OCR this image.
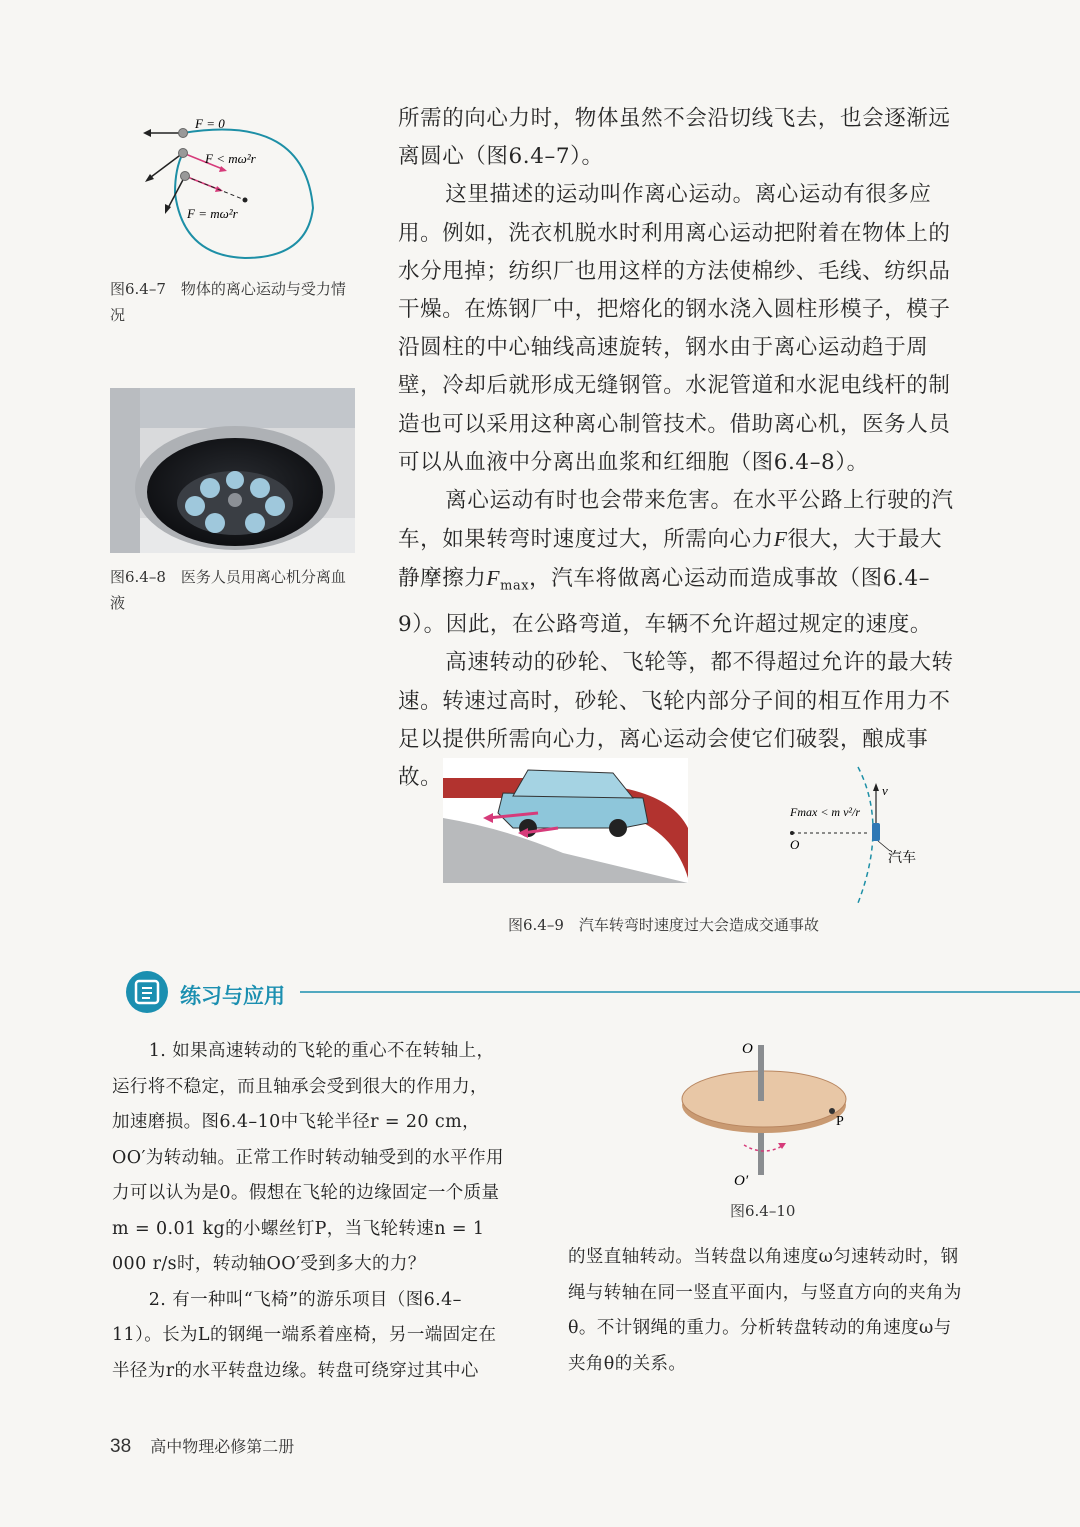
所需的向心力时，物体虽然不会沿切线飞去，也会逐渐远离圆心（图6.4–7）。

这里描述的运动叫作离心运动。离心运动有很多应用。例如，洗衣机脱水时利用离心运动把附着在物体上的水分甩掉；纺织厂也用这样的方法使棉纱、毛线、纺织品干燥。在炼钢厂中，把熔化的钢水浇入圆柱形模子，模子沿圆柱的中心轴线高速旋转，钢水由于离心运动趋于周壁，冷却后就形成无缝钢管。水泥管道和水泥电线杆的制造也可以采用这种离心制管技术。借助离心机，医务人员可以从血液中分离出血浆和红细胞（图6.4–8）。

离心运动有时也会带来危害。在水平公路上行驶的汽车，如果转弯时速度过大，所需向心力F很大，大于最大静摩擦力$F_{max}$，汽车将做离心运动而造成事故（图6.4–9）。因此，在公路弯道，车辆不允许超过规定的速度。

高速转动的砂轮、飞轮等，都不得超过允许的最大转速。转速过高时，砂轮、飞轮内部分子间的相互作用力不足以提供所需向心力，离心运动会使它们破裂，酿成事故。

F = 0
F < mω²r
F = mω²r
图6.4–7　物体的离心运动与受力情况
图6.4–8　医务人员用离心机分离血液
v
Fmax < m v²/r
O
汽车
图6.4–9　汽车转弯时速度过大会造成交通事故
练习与应用

1. 如果高速转动的飞轮的重心不在转轴上，运行将不稳定，而且轴承会受到很大的作用力，加速磨损。图6.4–10中飞轮半径r = 20 cm，OO′为转动轴。正常工作时转动轴受到的水平作用力可以认为是0。假想在飞轮的边缘固定一个质量m = 0.01 kg的小螺丝钉P，当飞轮转速n = 1 000 r/s时，转动轴OO′受到多大的力？

2. 有一种叫“飞椅”的游乐项目（图6.4–11）。长为L的钢绳一端系着座椅，另一端固定在半径为r的水平转盘边缘。转盘可绕穿过其中心

的竖直轴转动。当转盘以角速度ω匀速转动时，钢绳与转轴在同一竖直平面内，与竖直方向的夹角为θ。不计钢绳的重力。分析转盘转动的角速度ω与夹角θ的关系。
O
P
O′
图6.4–10
38 高中物理必修第二册
